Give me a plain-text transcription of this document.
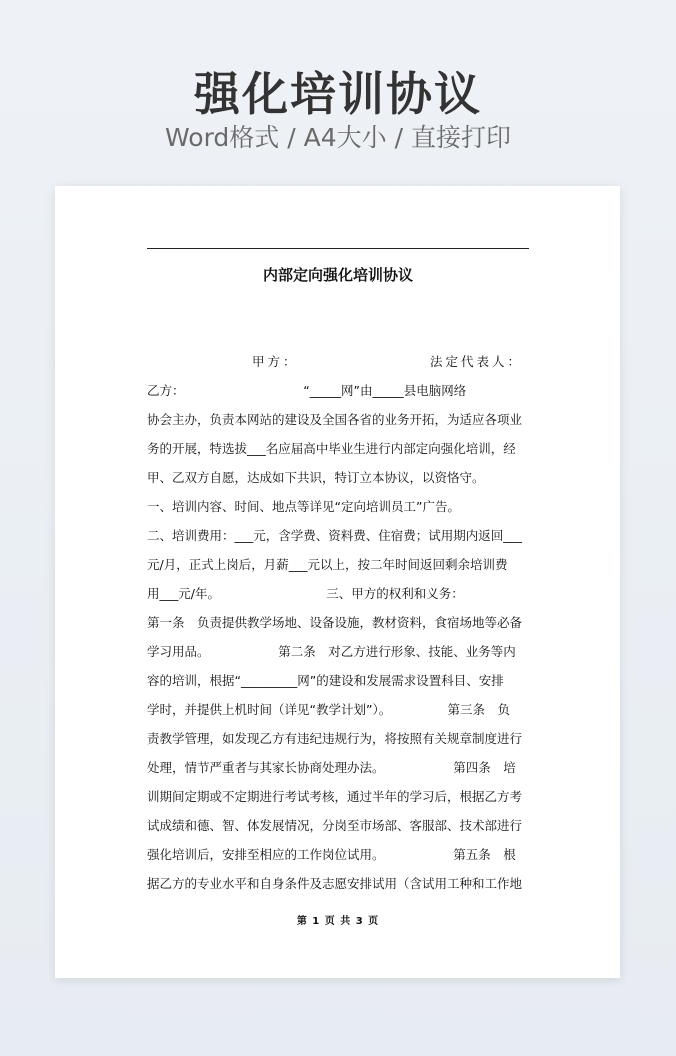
强化培训协议
Word格式 / A4大小 / 直接打印
内部定向强化培训协议
甲方：	法定代表人：
乙方：　　　　　　　　　　“_____网”由_____县电脑网络
协会主办，负责本网站的建设及全国各省的业务开拓，为适应各项业
务的开展，特选拔___名应届高中毕业生进行内部定向强化培训，经
甲、乙双方自愿，达成如下共识，特订立本协议，以资恪守。
一、培训内容、时间、地点等详见“定向培训员工”广告。
二、培训费用：___元，含学费、资料费、住宿费；试用期内返回___
元/月，正式上岗后，月薪___元以上，按二年时间返回剩余培训费
用___元/年。　　　　　　　　　三、甲方的权利和义务：
第一条　负责提供教学场地、设备设施，教材资料，食宿场地等必备
学习用品。　　　　　　第二条　对乙方进行形象、技能、业务等内
容的培训，根据“_________网”的建设和发展需求设置科目、安排
学时，并提供上机时间（详见“教学计划”）。　　　　　第三条　负
责教学管理，如发现乙方有违纪违规行为，将按照有关规章制度进行
处理，情节严重者与其家长协商处理办法。　　　　　　第四条　培
训期间定期或不定期进行考试考核，通过半年的学习后，根据乙方考
试成绩和德、智、体发展情况，分岗至市场部、客服部、技术部进行
强化培训后，安排至相应的工作岗位试用。　　　　　　第五条　根
据乙方的专业水平和自身条件及志愿安排试用（含试用工种和工作地
第 1 页 共 3 页
